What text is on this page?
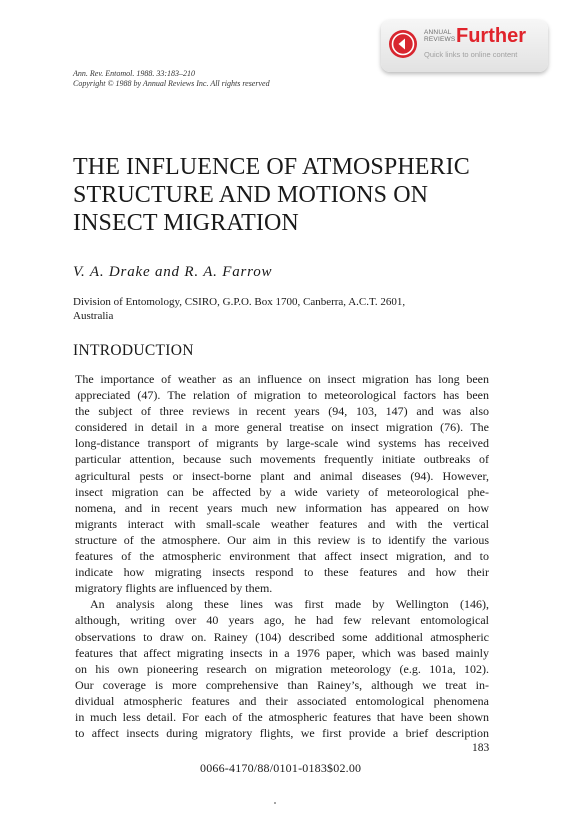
ANNUAL
REVIEWS Further
Quick links to online content
Ann. Rev. Entomol. 1988. 33:183–210
Copyright © 1988 by Annual Reviews Inc. All rights reserved
THE INFLUENCE OF ATMOSPHERIC
STRUCTURE AND MOTIONS ON
INSECT MIGRATION
V. A. Drake and R. A. Farrow
Division of Entomology, CSIRO, G.P.O. Box 1700, Canberra, A.C.T. 2601,
Australia
INTRODUCTION
The importance of weather as an influence on insect migration has long been
appreciated (47). The relation of migration to meteorological factors has been
the subject of three reviews in recent years (94, 103, 147) and was also
considered in detail in a more general treatise on insect migration (76). The
long-distance transport of migrants by large-scale wind systems has received
particular attention, because such movements frequently initiate outbreaks of
agricultural pests or insect-borne plant and animal diseases (94). However,
insect migration can be affected by a wide variety of meteorological phe-
nomena, and in recent years much new information has appeared on how
migrants interact with small-scale weather features and with the vertical
structure of the atmosphere. Our aim in this review is to identify the various
features of the atmospheric environment that affect insect migration, and to
indicate how migrating insects respond to these features and how their
migratory flights are influenced by them.
An analysis along these lines was first made by Wellington (146),
although, writing over 40 years ago, he had few relevant entomological
observations to draw on. Rainey (104) described some additional atmospheric
features that affect migrating insects in a 1976 paper, which was based mainly
on his own pioneering research on migration meteorology (e.g. 101a, 102).
Our coverage is more comprehensive than Rainey’s, although we treat in-
dividual atmospheric features and their associated entomological phenomena
in much less detail. For each of the atmospheric features that have been shown
to affect insects during migratory flights, we first provide a brief description
183
0066-4170/88/0101-0183$02.00
